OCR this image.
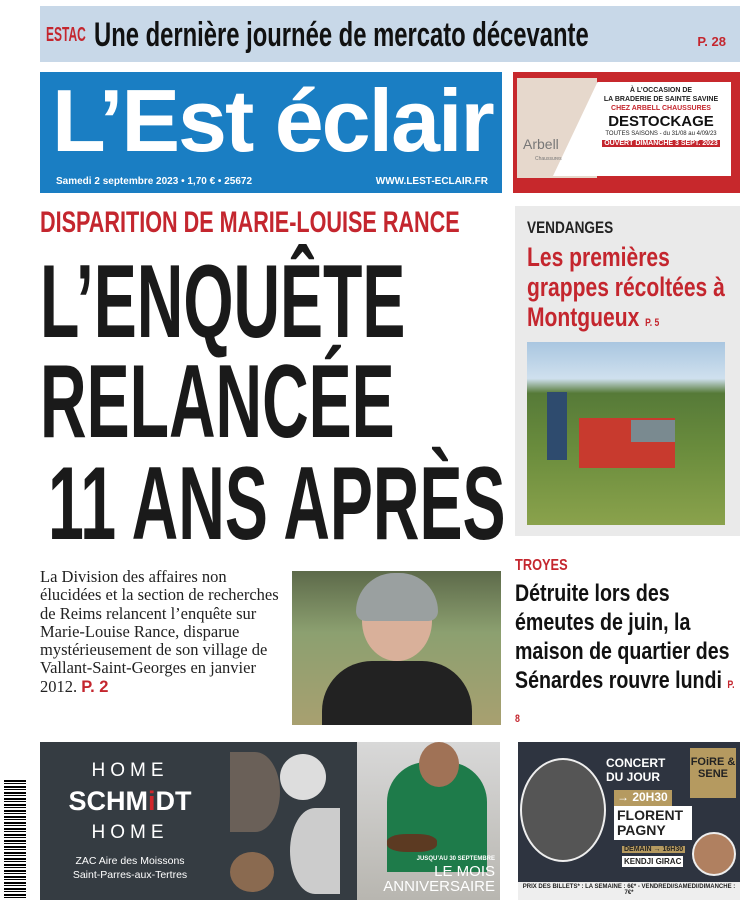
ESTAC Une dernière journée de mercato décevante	P. 28
L’Est éclair
Samedi 2 septembre 2023 • 1,70 € • 25672	WWW.LEST-ECLAIR.FR
Arbell
Chaussures
À L’OCCASION DE
LA BRADERIE DE SAINTE SAVINE
CHEZ ARBELL CHAUSSURES
DESTOCKAGE
TOUTES SAISONS - du 31/08 au 4/09/23
OUVERT DIMANCHE 3 SEPT. 2023
DISPARITION DE MARIE-LOUISE RANCE
L’ENQUÊTE
RELANCÉE
11 ANS APRÈS
La Division des affaires non élucidées et la section de recherches de Reims relancent l’enquête sur Marie-Louise Rance, disparue mystérieusement de son village de Vallant-Saint-Georges en janvier 2012. P. 2
VENDANGES
Les premières grappes récoltées à Montgueux P. 5
TROYES
Détruite lors des émeutes de juin, la maison de quartier des Sénardes rouvre lundi P. 8
HOME
SCHMiDT
HOME
ZAC Aire des Moissons
Saint-Parres-aux-Tertres
JUSQU’AU 30 SEPTEMBRE
LE MOIS
ANNIVERSAIRE
CONCERT
DU JOUR
→ 20H30
FLORENT
PAGNY
DEMAIN → 16H30
KENDJI GIRAC
FOiRE & SENE
PRIX DES BILLETS* : LA SEMAINE : 6€* - VENDREDI/SAMEDI/DIMANCHE : 7€*
